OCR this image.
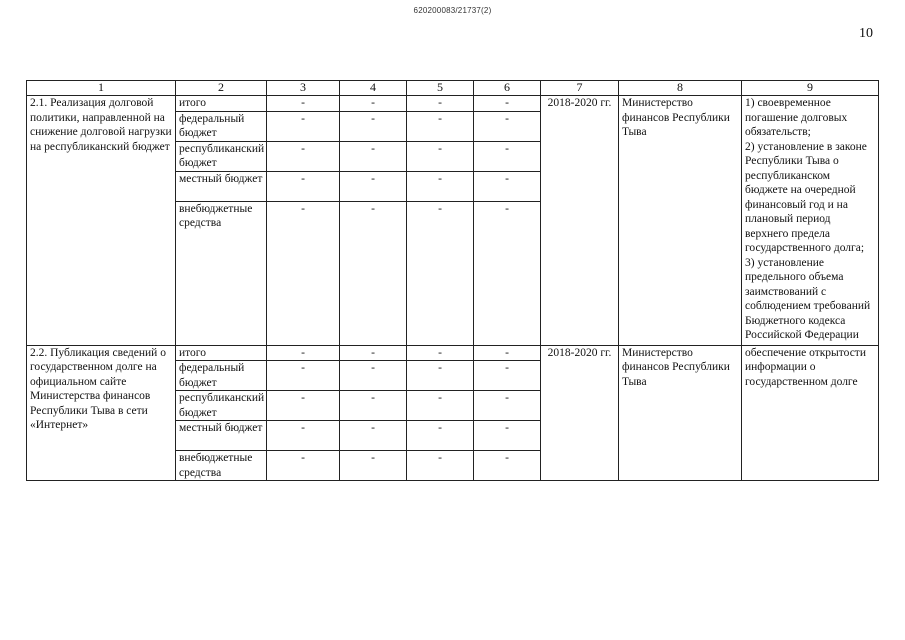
620200083/21737(2)
10
1	2	3	4	5	6	7	8	9
2.1. Реализация долговой политики, направленной на снижение долговой нагрузки на республиканский бюджет	итого	-	-	-	-	2018-2020 гг.	Министерство финансов Республики Тыва	1) своевременное погашение долговых обязательств;
2) установление в законе Республики Тыва о республиканском бюджете на очередной финансовый год и на плановый период верхнего предела государственного долга;
3) установление предельного объема заимствований с соблюдением требований Бюджетного кодекса Российской Федерации
	федеральный бюджет	-	-	-	-			
	республиканский бюджет	-	-	-	-			
	местный бюджет	-	-	-	-			
	внебюджетные средства	-	-	-	-			
2.2. Публикация сведений о государственном долге на официальном сайте Министерства финансов Республики Тыва в сети «Интернет»	итого	-	-	-	-	2018-2020 гг.	Министерство финансов Республики Тыва	обеспечение открытости информации о государственном долге
	федеральный бюджет	-	-	-	-			
	республиканский бюджет	-	-	-	-			
	местный бюджет	-	-	-	-			
	внебюджетные средства	-	-	-	-			
